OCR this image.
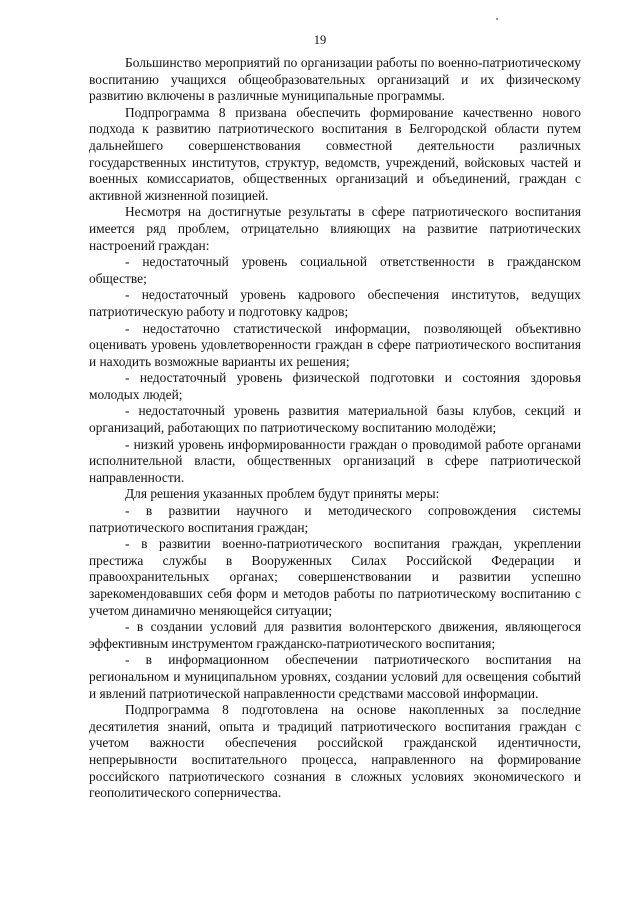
19

Большинство мероприятий по организации работы по военно-патриотическому воспитанию учащихся общеобразовательных организаций и их физическому развитию включены в различные муниципальные программы.

Подпрограмма 8 призвана обеспечить формирование качественно нового подхода к развитию патриотического воспитания в Белгородской области путем дальнейшего совершенствования совместной деятельности различных государственных институтов, структур, ведомств, учреждений, войсковых частей и военных комиссариатов, общественных организаций и объединений, граждан с активной жизненной позицией.

Несмотря на достигнутые результаты в сфере патриотического воспитания имеется ряд проблем, отрицательно влияющих на развитие патриотических настроений граждан:

- недостаточный уровень социальной ответственности в гражданском обществе;

- недостаточный уровень кадрового обеспечения институтов, ведущих патриотическую работу и подготовку кадров;

- недостаточно статистической информации, позволяющей объективно оценивать уровень удовлетворенности граждан в сфере патриотического воспитания и находить возможные варианты их решения;

- недостаточный уровень физической подготовки и состояния здоровья молодых людей;

- недостаточный уровень развития материальной базы клубов, секций и организаций, работающих по патриотическому воспитанию молодёжи;

- низкий уровень информированности граждан о проводимой работе органами исполнительной власти, общественных организаций в сфере патриотической направленности.

Для решения указанных проблем будут приняты меры:

- в развитии научного и методического сопровождения системы патриотического воспитания граждан;

- в развитии военно-патриотического воспитания граждан, укреплении престижа службы в Вооруженных Силах Российской Федерации и правоохранительных органах; совершенствовании и развитии успешно зарекомендовавших себя форм и методов работы по патриотическому воспитанию с учетом динамично меняющейся ситуации;

- в создании условий для развития волонтерского движения, являющегося эффективным инструментом гражданско-патриотического воспитания;

- в информационном обеспечении патриотического воспитания на региональном и муниципальном уровнях, создании условий для освещения событий и явлений патриотической направленности средствами массовой информации.

Подпрограмма 8 подготовлена на основе накопленных за последние десятилетия знаний, опыта и традиций патриотического воспитания граждан с учетом важности обеспечения российской гражданской идентичности, непрерывности воспитательного процесса, направленного на формирование российского патриотического сознания в сложных условиях экономического и геополитического соперничества.
